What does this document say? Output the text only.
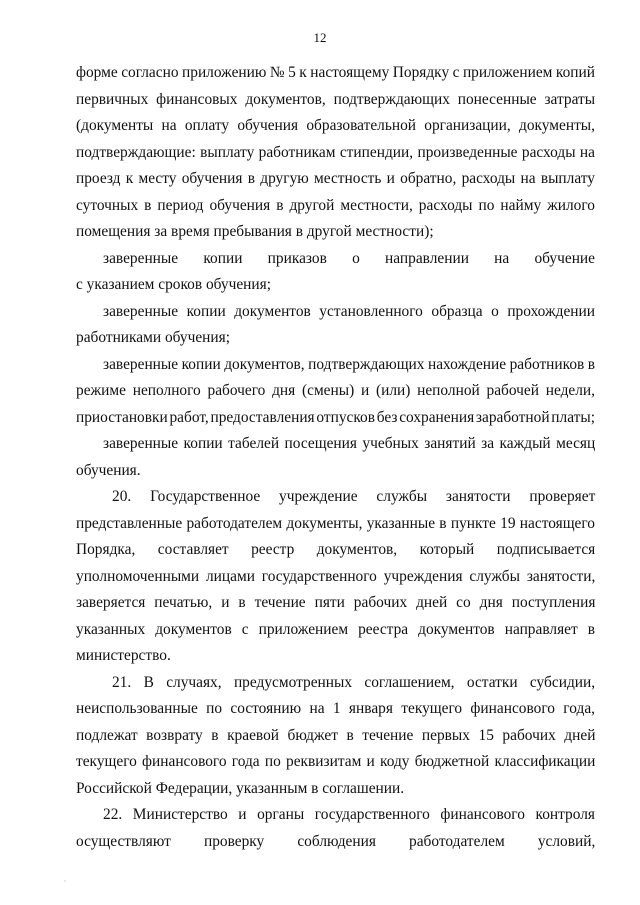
12
форме согласно приложению № 5 к настоящему Порядку с приложением копий
первичных финансовых документов, подтверждающих понесенные затраты
(документы на оплату обучения образовательной организации, документы,
подтверждающие: выплату работникам стипендии, произведенные расходы на
проезд к месту обучения в другую местность и обратно, расходы на выплату
суточных в период обучения в другой местности, расходы по найму жилого
помещения за время пребывания в другой местности);
заверенные копии приказов о направлении на обучение
с указанием сроков обучения;
заверенные копии документов установленного образца о прохождении
работниками обучения;
заверенные копии документов, подтверждающих нахождение работников в
режиме неполного рабочего дня (смены) и (или) неполной рабочей недели,
приостановки работ, предоставления отпусков без сохранения заработной платы;
заверенные копии табелей посещения учебных занятий за каждый месяц
обучения.
20. Государственное учреждение службы занятости проверяет
представленные работодателем документы, указанные в пункте 19 настоящего
Порядка, составляет реестр документов, который подписывается
уполномоченными лицами государственного учреждения службы занятости,
заверяется печатью, и в течение пяти рабочих дней со дня поступления
указанных документов с приложением реестра документов направляет в
министерство.
21. В случаях, предусмотренных соглашением, остатки субсидии,
неиспользованные по состоянию на 1 января текущего финансового года,
подлежат возврату в краевой бюджет в течение первых 15 рабочих дней
текущего финансового года по реквизитам и коду бюджетной классификации
Российской Федерации, указанным в соглашении.
22. Министерство и органы государственного финансового контроля
осуществляют проверку соблюдения работодателем условий,
